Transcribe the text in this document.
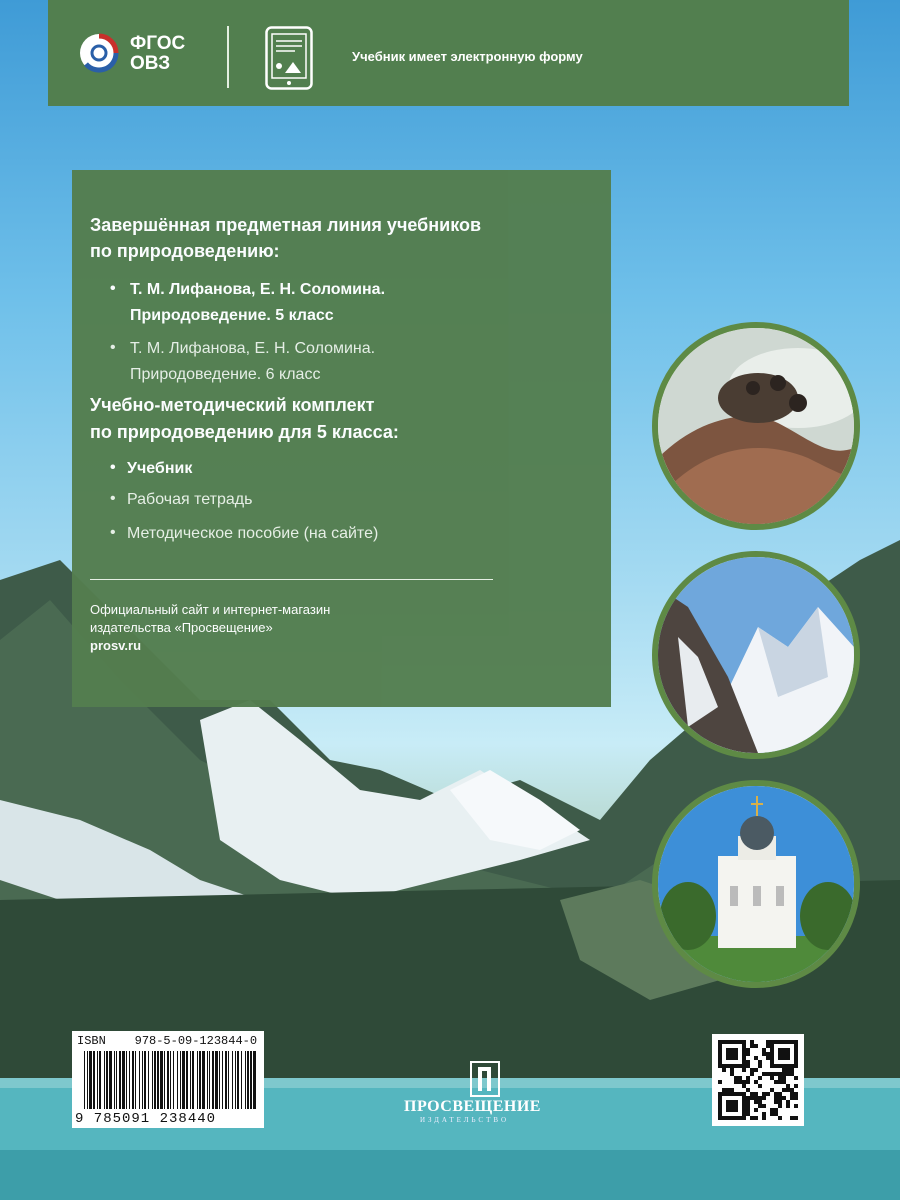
ФГОС
ОВЗ	Учебник имеет электронную форму
Завершённая предметная линия учебников
по природоведению:
• Т. М. Лифанова, Е. Н. Соломина.
Природоведение. 5 класс
• Т. М. Лифанова, Е. Н. Соломина.
Природоведение. 6 класс
Учебно-методический комплект
по природоведению для 5 класса:
• Учебник
• Рабочая тетрадь
• Методическое пособие (на сайте)
Официальный сайт и интернет-магазин
издательства «Просвещение»
prosv.ru
ISBN 978-5-09-123844-0
9 785091 238440
ПРОСВЕЩЕНИЕ
ИЗДАТЕЛЬСТВО
